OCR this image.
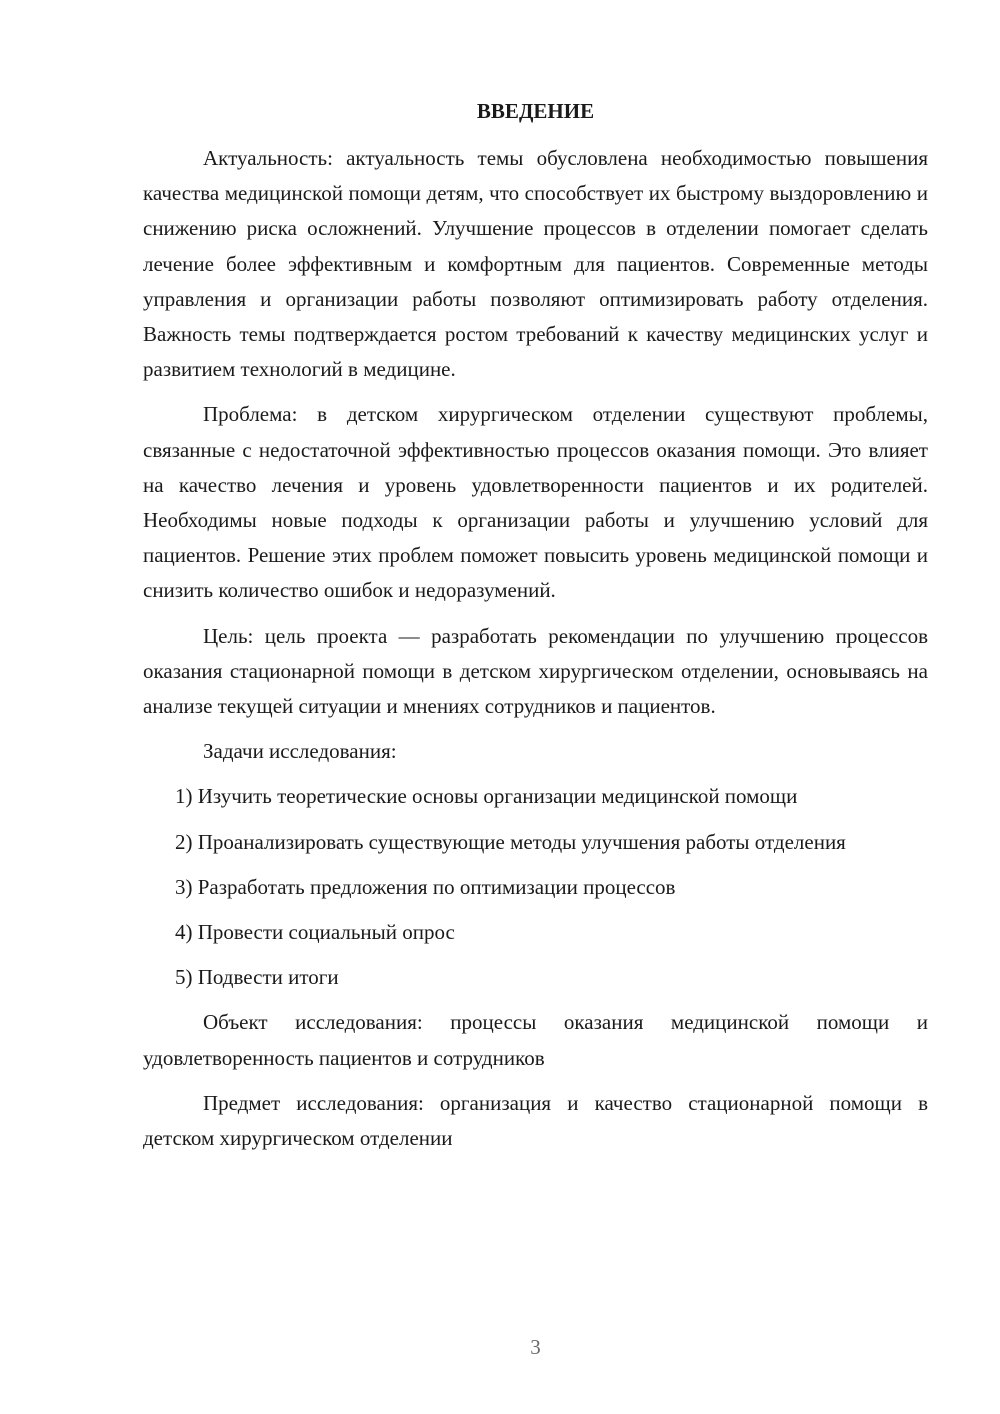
ВВЕДЕНИЕ

Актуальность: актуальность темы обусловлена необходимостью повышения качества медицинской помощи детям, что способствует их быстрому выздоровлению и снижению риска осложнений. Улучшение процессов в отделении помогает сделать лечение более эффективным и комфортным для пациентов. Современные методы управления и организации работы позволяют оптимизировать работу отделения. Важность темы подтверждается ростом требований к качеству медицинских услуг и развитием технологий в медицине.

Проблема: в детском хирургическом отделении существуют проблемы, связанные с недостаточной эффективностью процессов оказания помощи. Это влияет на качество лечения и уровень удовлетворенности пациентов и их родителей. Необходимы новые подходы к организации работы и улучшению условий для пациентов. Решение этих проблем поможет повысить уровень медицинской помощи и снизить количество ошибок и недоразумений.

Цель: цель проекта — разработать рекомендации по улучшению процессов оказания стационарной помощи в детском хирургическом отделении, основываясь на анализе текущей ситуации и мнениях сотрудников и пациентов.

Задачи исследования:

1) Изучить теоретические основы организации медицинской помощи

2) Проанализировать существующие методы улучшения работы отделения

3) Разработать предложения по оптимизации процессов

4) Провести социальный опрос

5) Подвести итоги

Объект исследования: процессы оказания медицинской помощи и удовлетворенность пациентов и сотрудников

Предмет исследования: организация и качество стационарной помощи в детском хирургическом отделении

3
